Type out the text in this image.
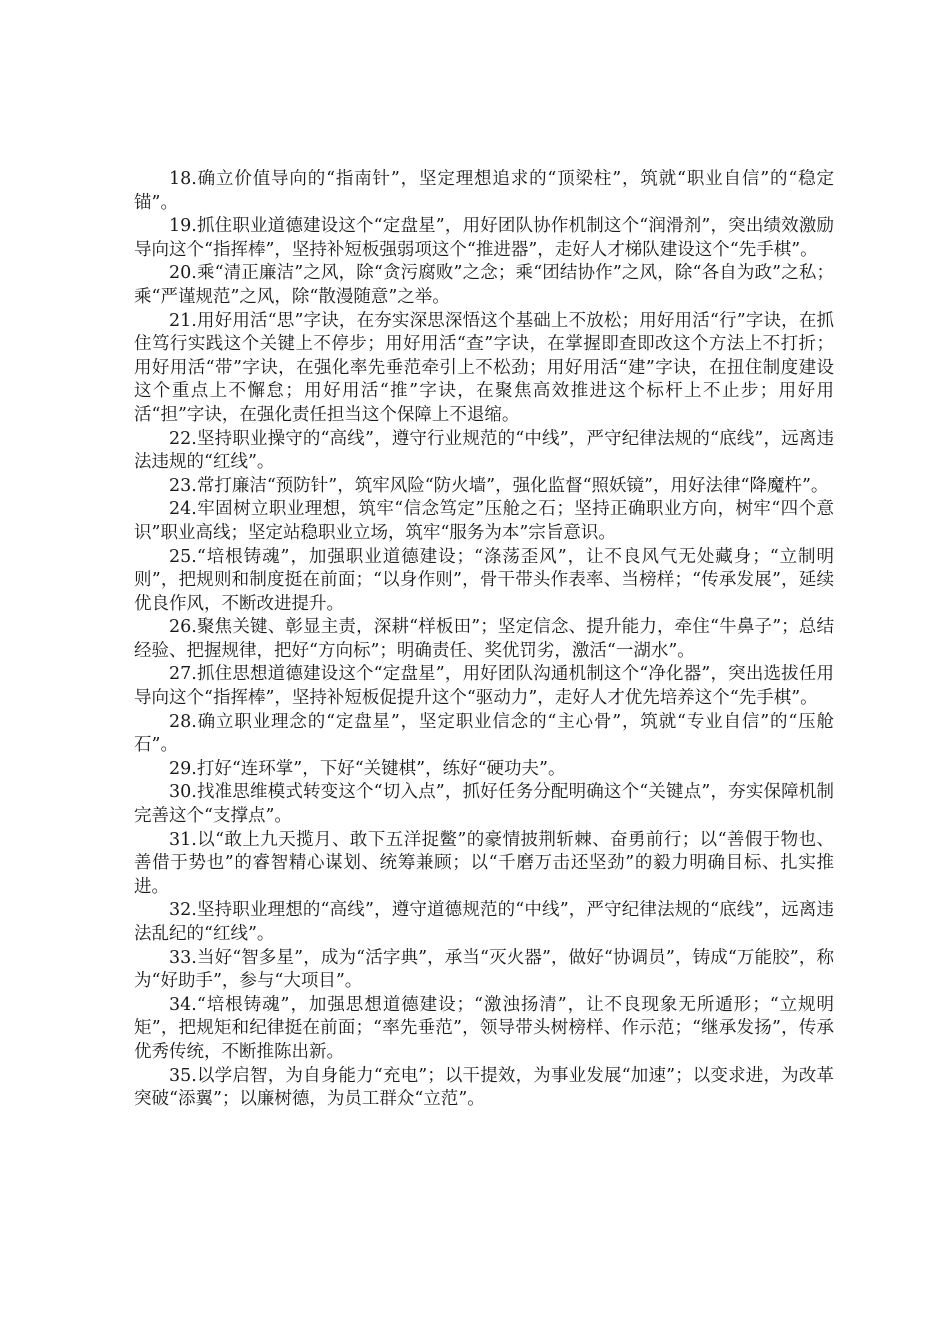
18.确立价值导向的“指南针”，坚定理想追求的“顶梁柱”，筑就“职业自信”的“稳定锚”。

19.抓住职业道德建设这个“定盘星”，用好团队协作机制这个“润滑剂”，突出绩效激励导向这个“指挥棒”，坚持补短板强弱项这个“推进器”，走好人才梯队建设这个“先手棋”。

20.乘“清正廉洁”之风，除“贪污腐败”之念；乘“团结协作”之风，除“各自为政”之私；乘“严谨规范”之风，除“散漫随意”之举。

21.用好用活“思”字诀，在夯实深思深悟这个基础上不放松；用好用活“行”字诀，在抓住笃行实践这个关键上不停步；用好用活“查”字诀，在掌握即查即改这个方法上不打折；用好用活“带”字诀，在强化率先垂范牵引上不松劲；用好用活“建”字诀，在扭住制度建设这个重点上不懈怠；用好用活“推”字诀，在聚焦高效推进这个标杆上不止步；用好用活“担”字诀，在强化责任担当这个保障上不退缩。

22.坚持职业操守的“高线”，遵守行业规范的“中线”，严守纪律法规的“底线”，远离违法违规的“红线”。

23.常打廉洁“预防针”，筑牢风险“防火墙”，强化监督“照妖镜”，用好法律“降魔杵”。

24.牢固树立职业理想，筑牢“信念笃定”压舱之石；坚持正确职业方向，树牢“四个意识”职业高线；坚定站稳职业立场，筑牢“服务为本”宗旨意识。

25.“培根铸魂”，加强职业道德建设；“涤荡歪风”，让不良风气无处藏身；“立制明则”，把规则和制度挺在前面；“以身作则”，骨干带头作表率、当榜样；“传承发展”，延续优良作风，不断改进提升。

26.聚焦关键、彰显主责，深耕“样板田”；坚定信念、提升能力，牵住“牛鼻子”；总结经验、把握规律，把好“方向标”；明确责任、奖优罚劣，激活“一湖水”。

27.抓住思想道德建设这个“定盘星”，用好团队沟通机制这个“净化器”，突出选拔任用导向这个“指挥棒”，坚持补短板促提升这个“驱动力”，走好人才优先培养这个“先手棋”。

28.确立职业理念的“定盘星”，坚定职业信念的“主心骨”，筑就“专业自信”的“压舱石”。

29.打好“连环掌”，下好“关键棋”，练好“硬功夫”。

30.找准思维模式转变这个“切入点”，抓好任务分配明确这个“关键点”，夯实保障机制完善这个“支撑点”。

31.以“敢上九天揽月、敢下五洋捉鳖”的豪情披荆斩棘、奋勇前行；以“善假于物也、善借于势也”的睿智精心谋划、统筹兼顾；以“千磨万击还坚劲”的毅力明确目标、扎实推进。

32.坚持职业理想的“高线”，遵守道德规范的“中线”，严守纪律法规的“底线”，远离违法乱纪的“红线”。

33.当好“智多星”，成为“活字典”，承当“灭火器”，做好“协调员”，铸成“万能胶”，称为“好助手”，参与“大项目”。

34.“培根铸魂”，加强思想道德建设；“激浊扬清”，让不良现象无所遁形；“立规明矩”，把规矩和纪律挺在前面；“率先垂范”，领导带头树榜样、作示范；“继承发扬”，传承优秀传统，不断推陈出新。

35.以学启智，为自身能力“充电”；以干提效，为事业发展“加速”；以变求进，为改革突破“添翼”；以廉树德，为员工群众“立范”。
